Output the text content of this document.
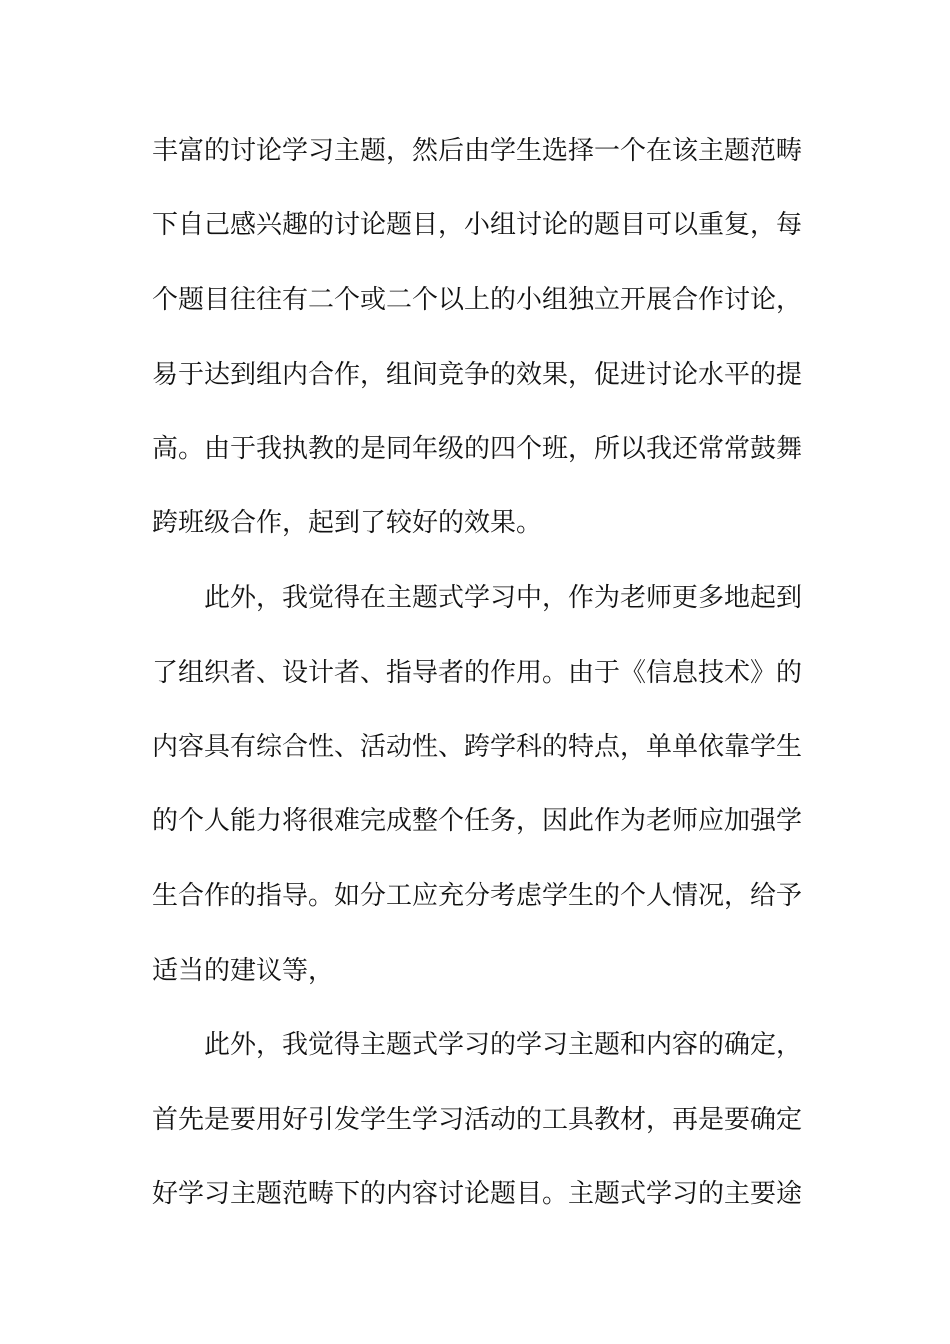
丰富的讨论学习主题，然后由学生选择一个在该主题范畴
下自己感兴趣的讨论题目，小组讨论的题目可以重复，每
个题目往往有二个或二个以上的小组独立开展合作讨论，
易于达到组内合作，组间竞争的效果，促进讨论水平的提
高。由于我执教的是同年级的四个班，所以我还常常鼓舞
跨班级合作，起到了较好的效果。
此外，我觉得在主题式学习中，作为老师更多地起到
了组织者、设计者、指导者的作用。由于《信息技术》的
内容具有综合性、活动性、跨学科的特点，单单依靠学生
的个人能力将很难完成整个任务，因此作为老师应加强学
生合作的指导。如分工应充分考虑学生的个人情况，给予
适当的建议等，
此外，我觉得主题式学习的学习主题和内容的确定，
首先是要用好引发学生学习活动的工具教材，再是要确定
好学习主题范畴下的内容讨论题目。主题式学习的主要途
